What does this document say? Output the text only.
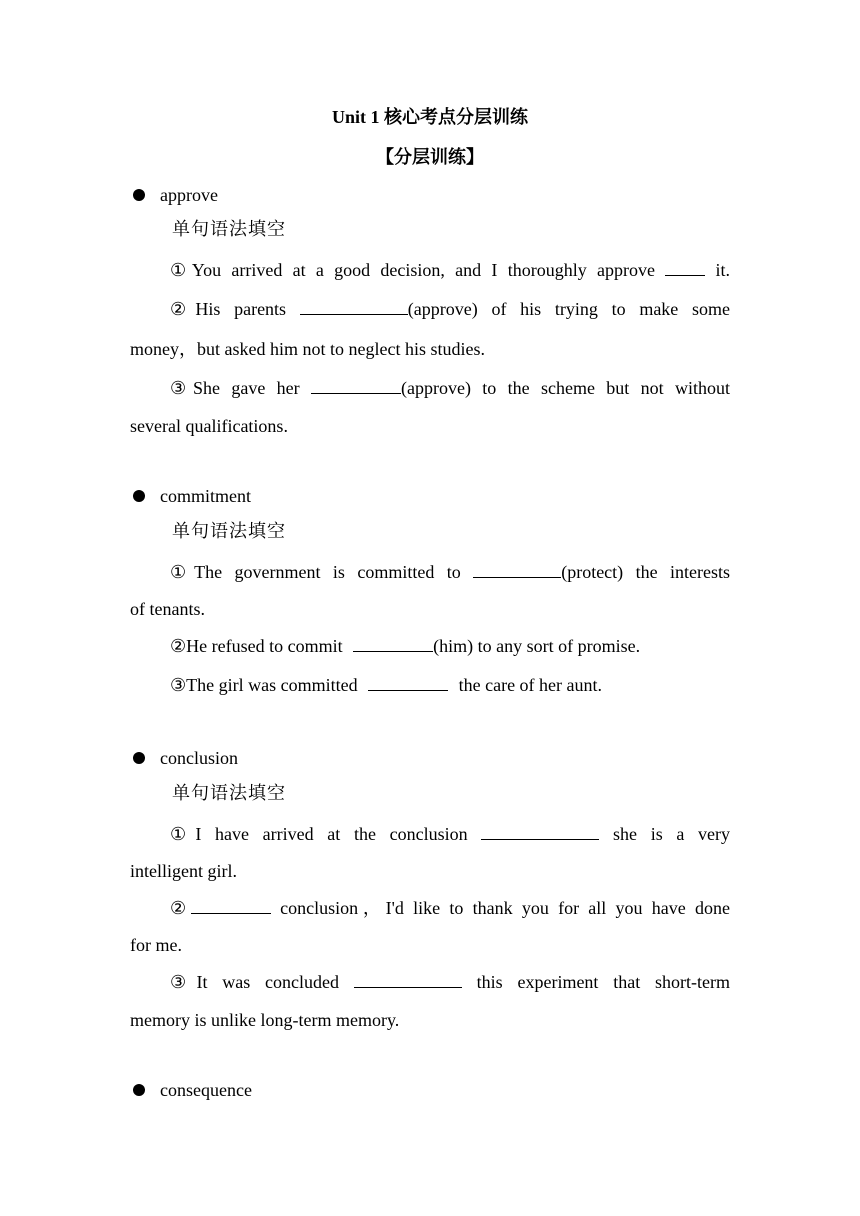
Unit 1 核心考点分层训练
【分层训练】
approve
单句语法填空
①You arrived at a good decision, and I thoroughly approve	it.
②His parents	(approve) of his trying to make some
money，but asked him not to neglect his studies.
③She gave her	(approve) to the scheme but not without
several qualifications.
commitment
单句语法填空
①The government is committed to	(protect) the interests
of tenants.
②He refused to commit	(him) to any sort of promise.
③The girl was committed	the care of her aunt.
conclusion
单句语法填空
①I have arrived at the conclusion	she is a very
intelligent girl.
②	conclusion，I'd like to thank you for all you have done
for me.
③It was concluded	this experiment that short-term
memory is unlike long-term memory.
consequence
